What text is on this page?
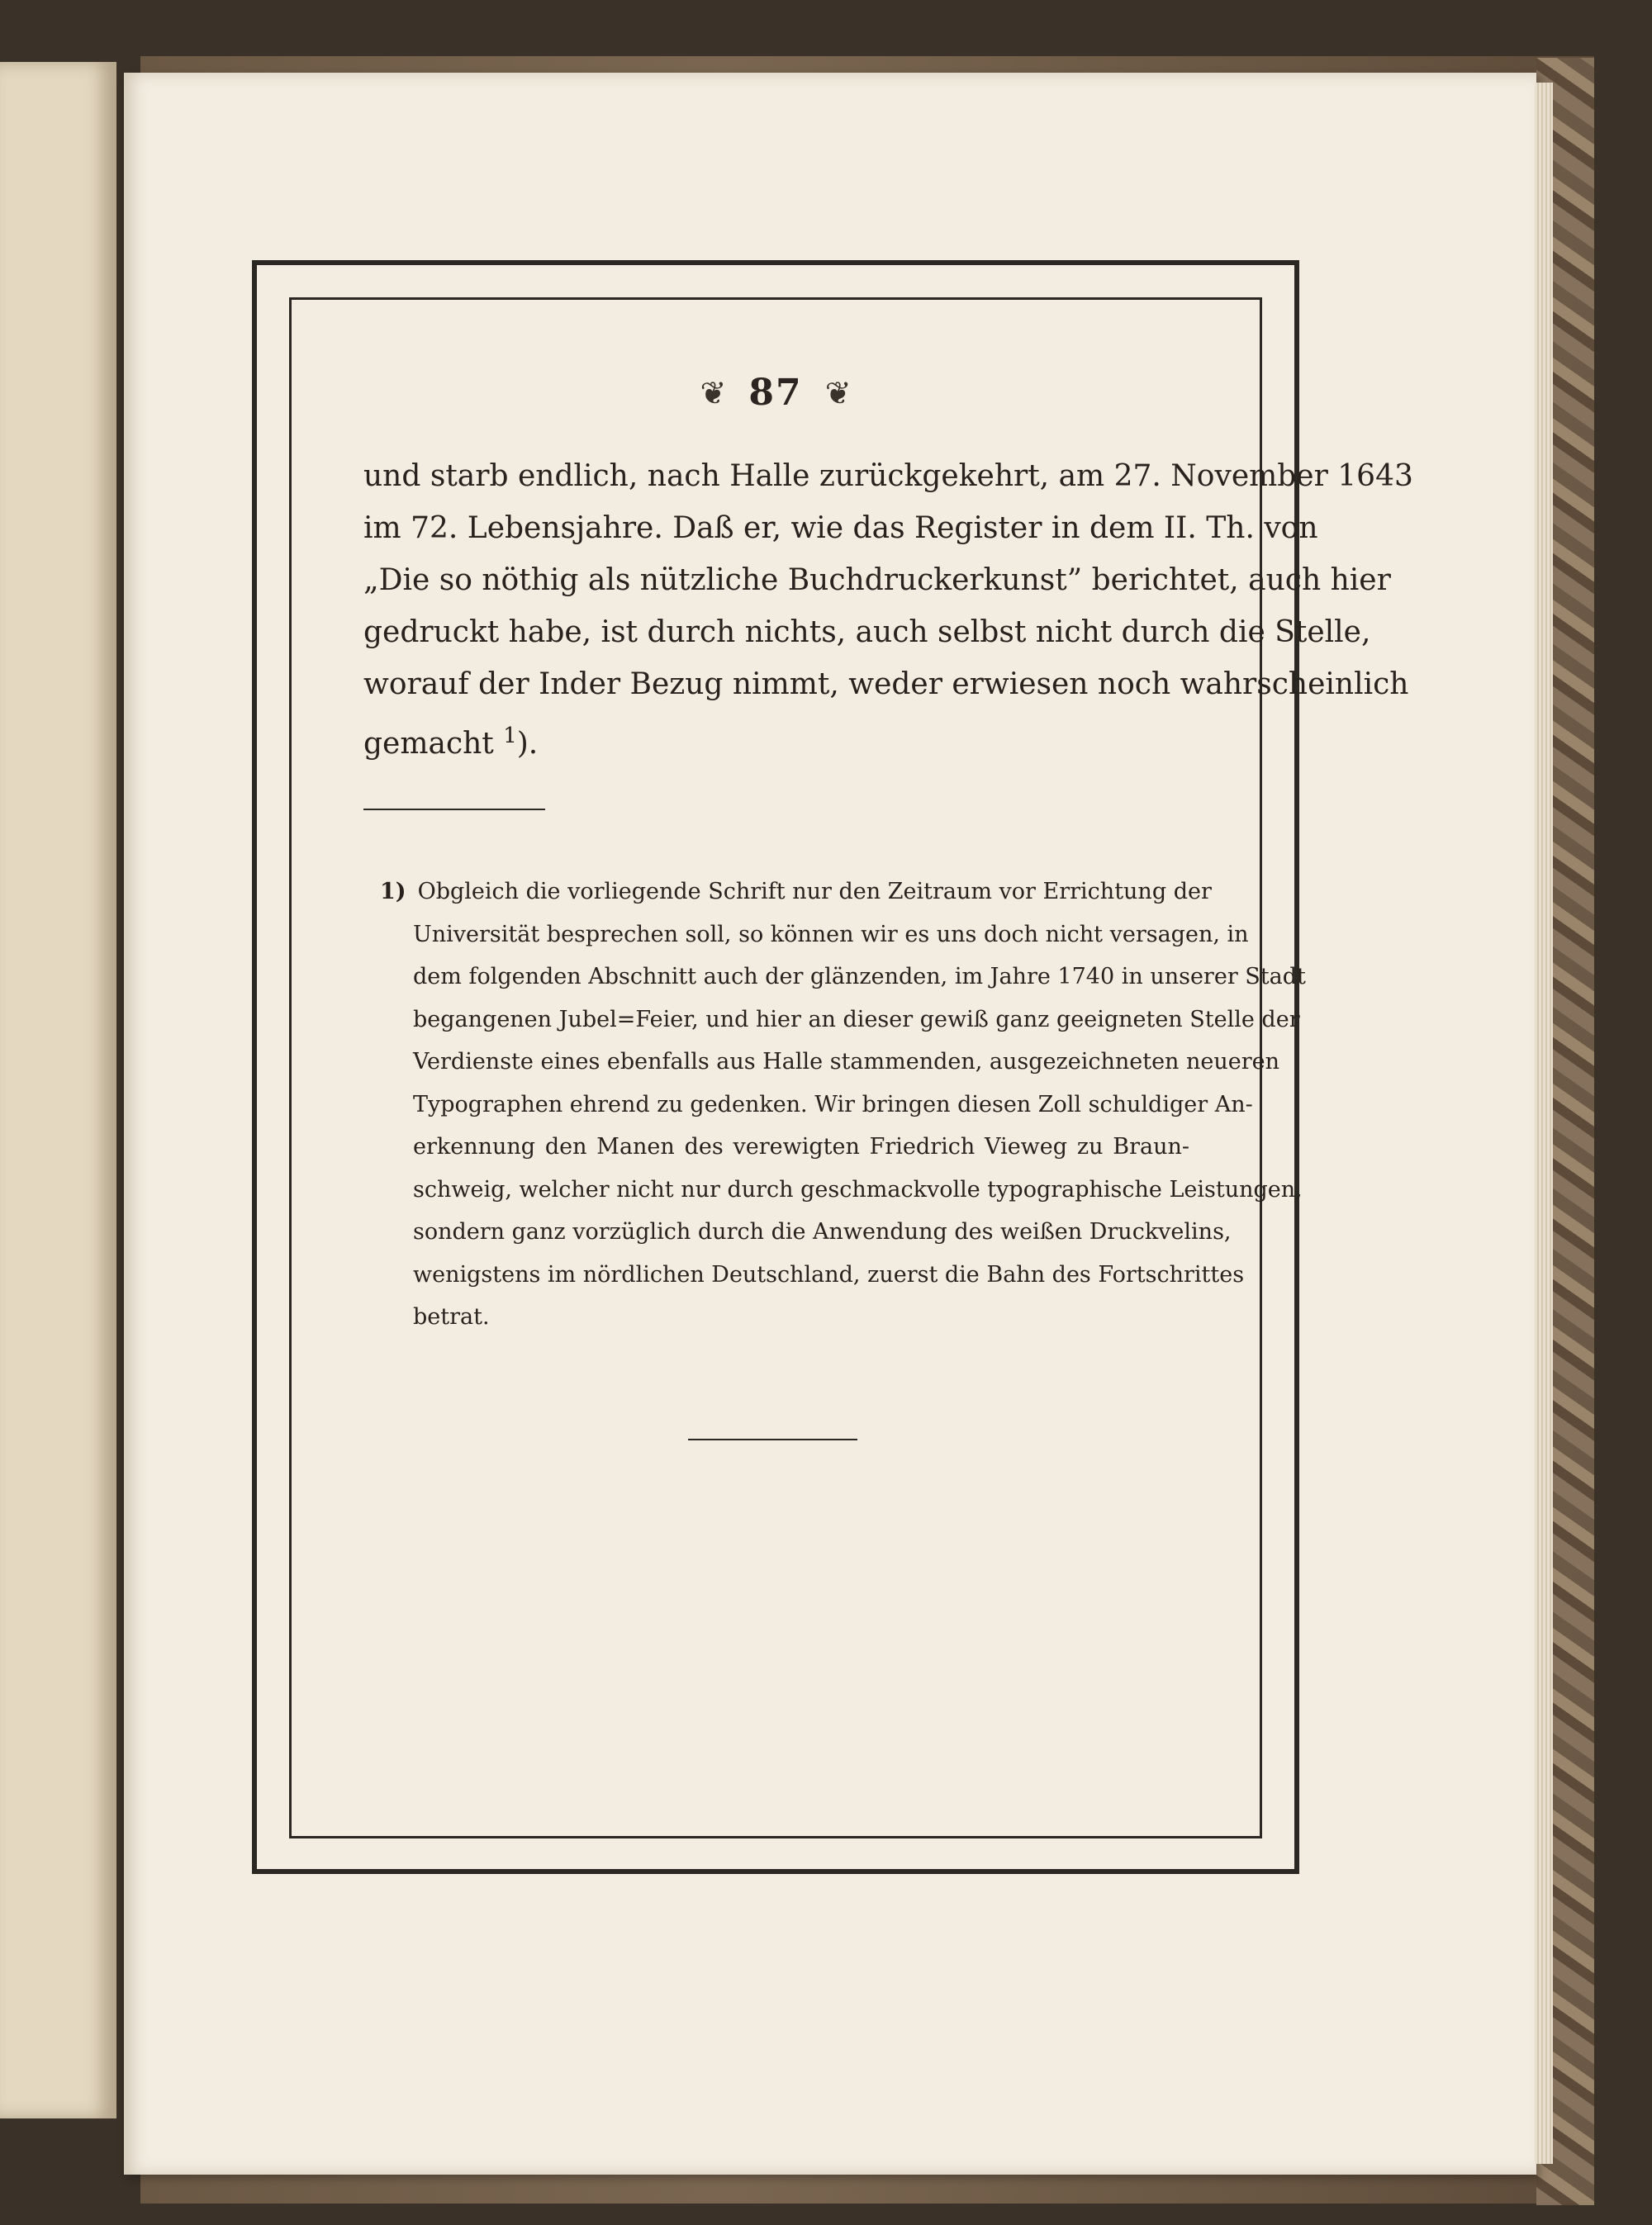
❦ 87 ❦
und starb endlich, nach Halle zurückgekehrt, am 27. November 1643
im 72. Lebensjahre. Daß er, wie das Register in dem II. Th. von
„Die so nöthig als nützliche Buchdruckerkunst” berichtet, auch hier
gedruckt habe, ist durch nichts, auch selbst nicht durch die Stelle,
worauf der Inder Bezug nimmt, weder erwiesen noch wahrscheinlich
gemacht $^1$).
1) Obgleich die vorliegende Schrift nur den Zeitraum vor Errichtung der
Universität besprechen soll, so können wir es uns doch nicht versagen, in
dem folgenden Abschnitt auch der glänzenden, im Jahre 1740 in unserer Stadt
begangenen Jubel=Feier, und hier an dieser gewiß ganz geeigneten Stelle der
Verdienste eines ebenfalls aus Halle stammenden, ausgezeichneten neueren
Typographen ehrend zu gedenken. Wir bringen diesen Zoll schuldiger An-
erkennung den Manen des verewigten Friedrich Vieweg zu Braun-
schweig, welcher nicht nur durch geschmackvolle typographische Leistungen,
sondern ganz vorzüglich durch die Anwendung des weißen Druckvelins,
wenigstens im nördlichen Deutschland, zuerst die Bahn des Fortschrittes
betrat.
